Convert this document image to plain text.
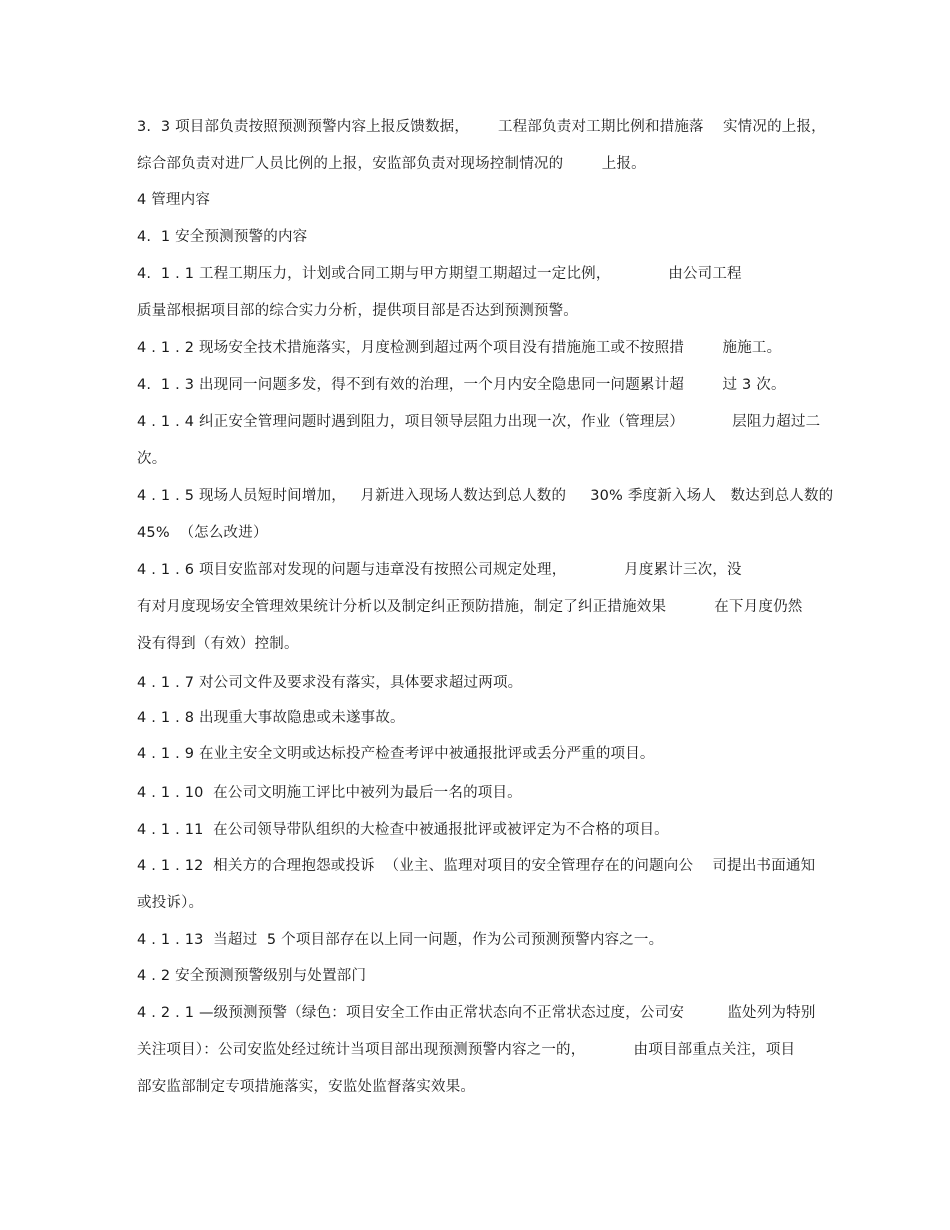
3.  3 项目部负责按照预测预警内容上报反馈数据，      工程部负责对工期比例和措施落    实情况的上报，
综合部负责对进厂人员比例的上报，安监部负责对现场控制情况的        上报。
4 管理内容
4.  1 安全预测预警的内容
4.  1 . 1 工程工期压力，计划或合同工期与甲方期望工期超过一定比例，            由公司工程
质量部根据项目部的综合实力分析，提供项目部是否达到预测预警。
4 . 1 . 2 现场安全技术措施落实，月度检测到超过两个项目没有措施施工或不按照措        施施工。
4.  1 . 3 出现同一问题多发，得不到有效的治理，一个月内安全隐患同一问题累计超        过 3 次。
4 . 1 . 4 纠正安全管理问题时遇到阻力，项目领导层阻力出现一次，作业（管理层）          层阻力超过二
次。
4 . 1 . 5 现场人员短时间增加，   月新进入现场人数达到总人数的     30% 季度新入场人   数达到总人数的
45%  （怎么改进）
4 . 1 . 6 项目安监部对发现的问题与违章没有按照公司规定处理，            月度累计三次，没
有对月度现场安全管理效果统计分析以及制定纠正预防措施，制定了纠正措施效果          在下月度仍然
没有得到（有效）控制。
4 . 1 . 7 对公司文件及要求没有落实，具体要求超过两项。
4 . 1 . 8 出现重大事故隐患或未遂事故。
4 . 1 . 9 在业主安全文明或达标投产检查考评中被通报批评或丢分严重的项目。
4 . 1 . 10  在公司文明施工评比中被列为最后一名的项目。
4 . 1 . 11  在公司领导带队组织的大检查中被通报批评或被评定为不合格的项目。
4 . 1 . 12  相关方的合理抱怨或投诉  （业主、监理对项目的安全管理存在的问题向公    司提出书面通知
或投诉）。
4 . 1 . 13  当超过  5 个项目部存在以上同一问题，作为公司预测预警内容之一。
4 . 2 安全预测预警级别与处置部门
4 . 2 . 1 —级预测预警（绿色：项目安全工作由正常状态向不正常状态过度，公司安         监处列为特别
关注项目）：公司安监处经过统计当项目部出现预测预警内容之一的，          由项目部重点关注，项目
部安监部制定专项措施落实，安监处监督落实效果。
